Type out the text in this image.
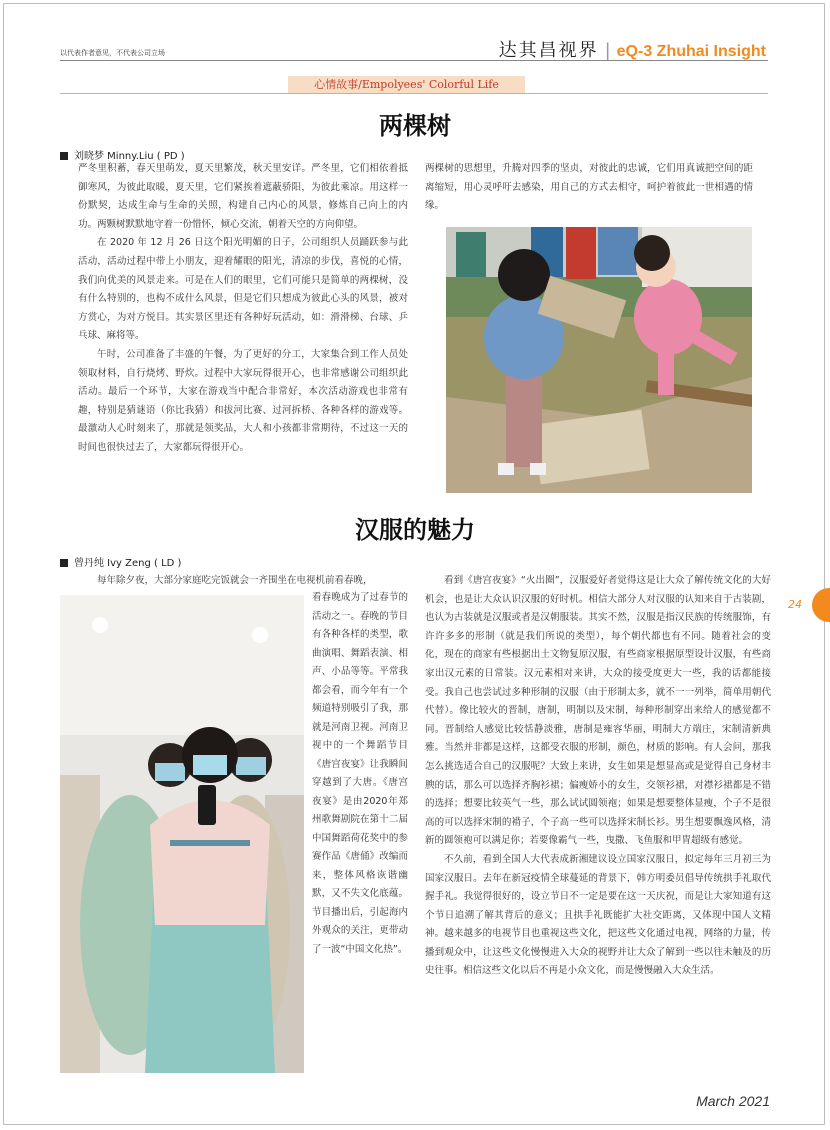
以代表作者意见，不代表公司立场	达其昌视界 | eQ-3 Zhuhai Insight
心情故事/Empolyees' Colorful Life
两棵树
刘晓梦 Minny.Liu ( PD )

严冬里积蓄，春天里萌发，夏天里繁茂，秋天里安详。严冬里，它们相依着抵御寒风，为彼此取暖，夏天里，它们紧挨着遮蔽骄阳，为彼此乘凉。用这样一份默契，达成生命与生命的关照，构建自己内心的风景，修炼自己向上的内功。两颗树默默地守着一份惜怀，倾心交流，朝着天空的方向仰望。

在 2020 年 12 月 26 日这个阳光明媚的日子，公司组织人员踊跃参与此活动，活动过程中带上小朋友，迎着耀眼的阳光，清凉的步伐，喜悦的心情，我们向优美的风景走来。可是在人们的眼里，它们可能只是简单的两棵树，没有什么特别的，也构不成什么风景，但是它们只想成为彼此心头的风景，被对方赏心，为对方悦目。其实景区里还有各种好玩活动，如：滑滑梯、台球、乒乓球、麻将等。

午时，公司准备了丰盛的午餐，为了更好的分工，大家集合到工作人员处领取材料，自行烧烤、野炊。过程中大家玩得很开心，也非常感谢公司组织此活动。最后一个环节，大家在游戏当中配合非常好，本次活动游戏也非常有趣，特别是猜谜语（你比我猜）和拔河比赛、过河拆桥、各种各样的游戏等。最激动人心时刻来了，那就是领奖品，大人和小孩都非常期待，不过这一天的时间也很快过去了，大家都玩得很开心。

两棵树的思想里，升腾对四季的坚贞，对彼此的忠诚，它们用真诚把空间的距离缩短，用心灵呼吁去感染，用自己的方式去相守，呵护着彼此一世相遇的情缘。

汉服的魅力
曾丹纯 Ivy Zeng ( LD )
每年除夕夜，大部分家庭吃完饭就会一齐围坐在电视机前看春晚，

看春晚成为了过春节的活动之一。春晚的节目有各种各样的类型，歌曲演唱、舞蹈表演、相声、小品等等。平常我都会看，而今年有一个频道特别吸引了我，那就是河南卫视。河南卫视中的一个舞蹈节目《唐宫夜宴》让我瞬间穿越到了大唐。《唐宫夜宴》是由2020年郑州歌舞剧院在第十二届中国舞蹈荷花奖中的参赛作品《唐俑》改编而来，整体风格诙谐幽默，又不失文化底蕴。节目播出后，引起海内外观众的关注，更带动了一波“中国文化热”。

看到《唐宫夜宴》“火出圈”，汉服爱好者觉得这是让大众了解传统文化的大好机会，也是让大众认识汉服的好时机。相信大部分人对汉服的认知来自于古装剧，也认为古装就是汉服或者是汉朝服装。其实不然，汉服是指汉民族的传统服饰，有许许多多的形制（就是我们所说的类型），每个朝代都也有不同。随着社会的变化，现在的商家有些根据出土文物复原汉服，有些商家根据原型设计汉服，有些商家出汉元素的日常装。汉元素相对来讲，大众的接受度更大一些，我的话都能接受。我自己也尝试过多种形制的汉服（由于形制太多，就不一一列举，简单用朝代代替）。像比较火的晋制，唐制，明制以及宋制，每种形制穿出来给人的感觉都不同。晋制给人感觉比较恬静淡雅，唐制是雍容华丽，明制大方端庄，宋制清新典雅。当然并非都是这样，这都受衣服的形制，颜色，材质的影响。有人会问，那我怎么挑选适合自己的汉服呢？大致上来讲，女生如果是想显高或是觉得自己身材丰腴的话，那么可以选择齐胸衫裙；偏瘦娇小的女生，交领衫裙，对襟衫裙都是不错的选择；想要比较英气一些，那么试试圆领袍；如果是想要整体显瘦，个子不是很高的可以选择宋制的褙子，个子高一些可以选择宋制长衫。男生想要飘逸风格，清新的圆领袍可以满足你；若要像霸气一些，曳撒、飞鱼服和甲胄超级有感觉。

不久前，看到全国人大代表成新湘建议设立国家汉服日，拟定每年三月初三为国家汉服日。去年在新冠疫情全球蔓延的背景下，韩方明委员倡导传统拱手礼取代握手礼。我觉得很好的，设立节日不一定是要在这一天庆祝，而是让大家知道有这个节日追溯了解其背后的意义；且拱手礼既能扩大社交距离，又体现中国人文精神。越来越多的电视节目也重视这些文化，把这些文化通过电视，网络的力量，传播到观众中，让这些文化慢慢进入大众的视野并让大众了解到一些以往未触及的历史往事。相信这些文化以后不再是小众文化，而是慢慢融入大众生活。

24
March 2021
